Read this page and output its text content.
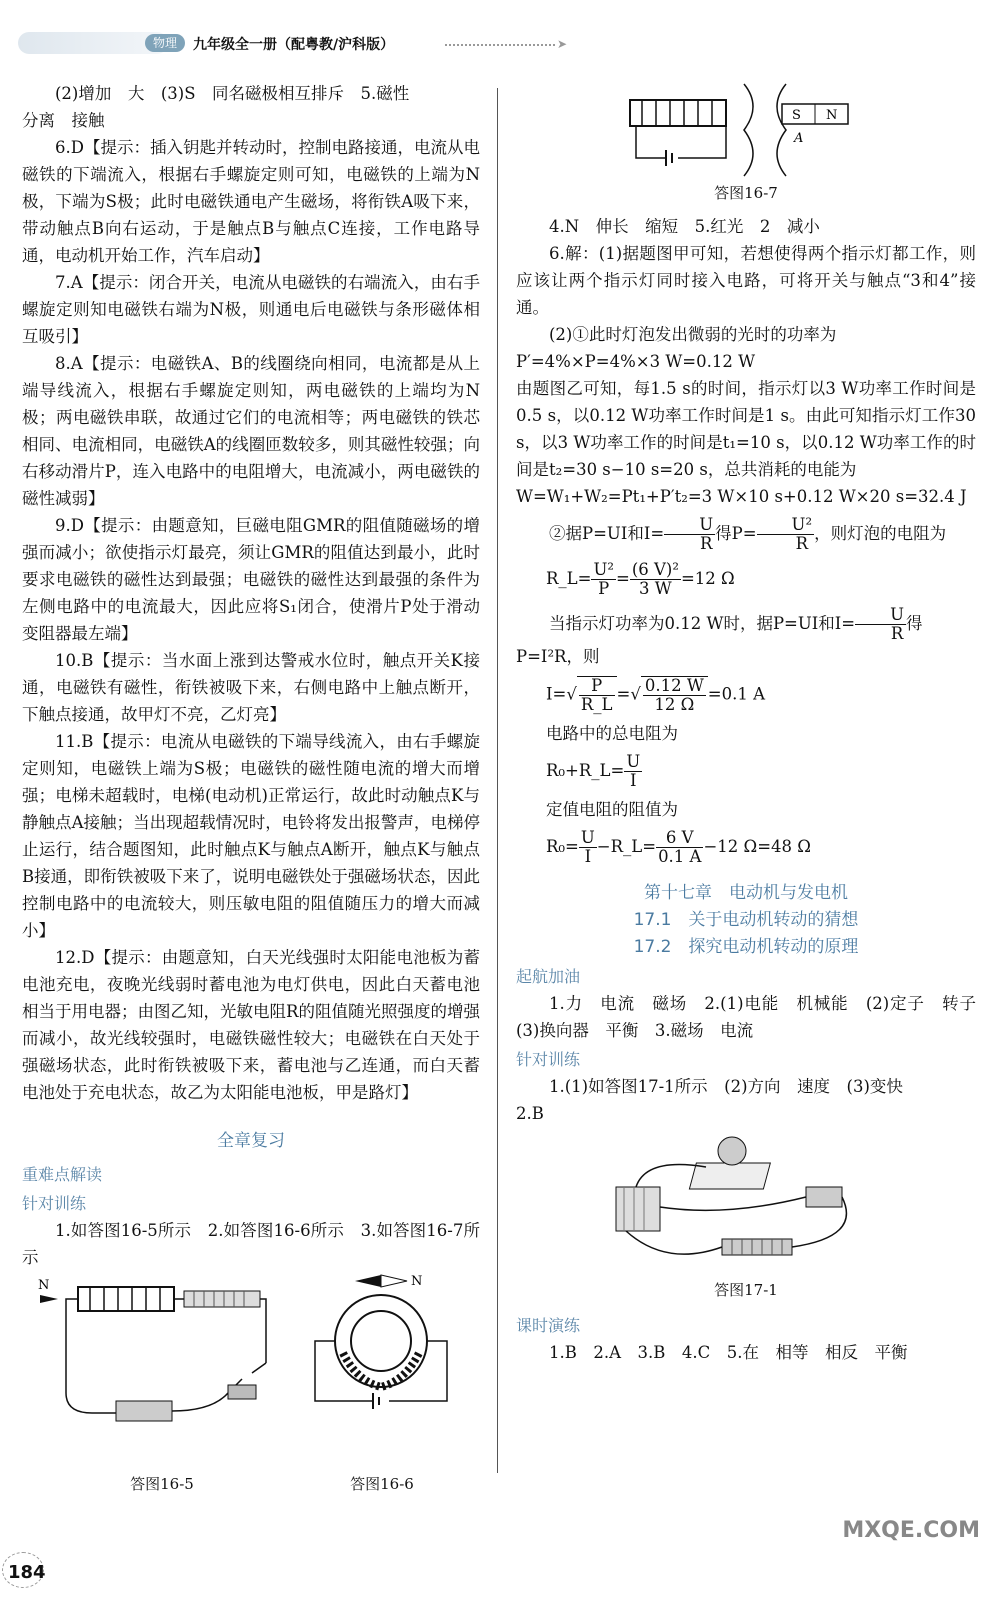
物理	九年级全一册（配粤教/沪科版）	➤

(2)增加　大　(3)S　同名磁极相互排斥　5.磁性

分离　接触

6.D【提示：插入钥匙并转动时，控制电路接通，电流从电磁铁的下端流入，根据右手螺旋定则可知，电磁铁的上端为N极，下端为S极；此时电磁铁通电产生磁场，将衔铁A吸下来，带动触点B向右运动，于是触点B与触点C连接，工作电路导通，电动机开始工作，汽车启动】

7.A【提示：闭合开关，电流从电磁铁的右端流入，由右手螺旋定则知电磁铁右端为N极，则通电后电磁铁与条形磁体相互吸引】

8.A【提示：电磁铁A、B的线圈绕向相同，电流都是从上端导线流入，根据右手螺旋定则知，两电磁铁的上端均为N极；两电磁铁串联，故通过它们的电流相等；两电磁铁的铁芯相同、电流相同，电磁铁A的线圈匝数较多，则其磁性较强；向右移动滑片P，连入电路中的电阻增大，电流减小，两电磁铁的磁性减弱】

9.D【提示：由题意知，巨磁电阻GMR的阻值随磁场的增强而减小；欲使指示灯最亮，须让GMR的阻值达到最小，此时要求电磁铁的磁性达到最强；电磁铁的磁性达到最强的条件为左侧电路中的电流最大，因此应将S₁闭合，使滑片P处于滑动变阻器最左端】

10.B【提示：当水面上涨到达警戒水位时，触点开关K接通，电磁铁有磁性，衔铁被吸下来，右侧电路中上触点断开，下触点接通，故甲灯不亮，乙灯亮】

11.B【提示：电流从电磁铁的下端导线流入，由右手螺旋定则知，电磁铁上端为S极；电磁铁的磁性随电流的增大而增强；电梯未超载时，电梯(电动机)正常运行，故此时动触点K与静触点A接触；当出现超载情况时，电铃将发出报警声，电梯停止运行，结合题图知，此时触点K与触点A断开，触点K与触点B接通，即衔铁被吸下来了，说明电磁铁处于强磁场状态，因此控制电路中的电流较大，则压敏电阻的阻值随压力的增大而减小】

12.D【提示：由题意知，白天光线强时太阳能电池板为蓄电池充电，夜晚光线弱时蓄电池为电灯供电，因此白天蓄电池相当于用电器；由图乙知，光敏电阻R的阻值随光照强度的增强而减小，故光线较强时，电磁铁磁性较大；电磁铁在白天处于强磁场状态，此时衔铁被吸下来，蓄电池与乙连通，而白天蓄电池处于充电状态，故乙为太阳能电池板，甲是路灯】

全章复习

重难点解读

针对训练

1.如答图16-5所示　2.如答图16-6所示　3.如答图16-7所示

N	N

答图16-5	答图16-6

S N
A

答图16-7

4.N　伸长　缩短　5.红光　2　减小

6.解：(1)据题图甲可知，若想使得两个指示灯都工作，则应该让两个指示灯同时接入电路，可将开关与触点“3和4”接通。

(2)①此时灯泡发出微弱的光时的功率为

P′=4%×P=4%×3 W=0.12 W

由题图乙可知，每1.5 s的时间，指示灯以3 W功率工作时间是0.5 s，以0.12 W功率工作时间是1 s。由此可知指示灯工作30 s，以3 W功率工作的时间是t₁=10 s，以0.12 W功率工作的时间是t₂=30 s−10 s=20 s，总共消耗的电能为

W=W₁+W₂=Pt₁+P′t₂=3 W×10 s+0.12 W×20 s=32.4 J

②据P=UI和$I= \frac{U}{R}$ 得$P= \frac{\text{U²}}{R}$ ，则灯泡的电阻为

R_L= $\frac{\text{U²}}{P} = \frac{\text{(6 V)²}}{3 W} =12$ Ω

当指示灯功率为0.12 W时，据P=UI和$I= \frac{U}{R}$ 得

P=I²R，则

$I=√ \frac{P}{R\_L}$ =√ $\frac{0.12 W}{12 \Omega} =0.1$ A

电路中的总电阻为

R₀+R_L= $\frac{U}{I}$

定值电阻的阻值为

$R_0= \frac{U}{I}$ −R_L= $\frac{6 V}{0.1 A} -12$ Ω=48 Ω

第十七章　电动机与发电机

17.1　关于电动机转动的猜想

17.2　探究电动机转动的原理

起航加油

1.力　电流　磁场　2.(1)电能　机械能　(2)定子　转子　(3)换向器　平衡　3.磁场　电流

针对训练

1.(1)如答图17-1所示　(2)方向　速度　(3)变快

2.B

答图17-1

课时演练

1.B　2.A　3.B　4.C　5.在　相等　相反　平衡

184
MXQE.COM
